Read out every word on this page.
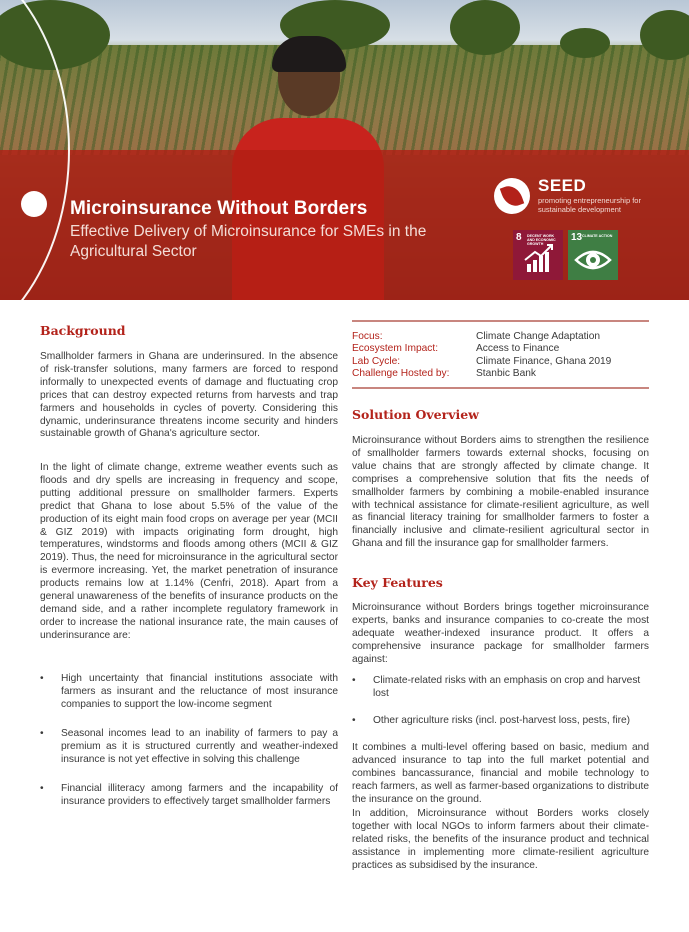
Microinsurance Without Borders
Effective Delivery of Microinsurance for SMEs in the Agricultural Sector
SEED
promoting entrepreneurship for sustainable development
8 DECENT WORK AND ECONOMIC GROWTH
13 CLIMATE ACTION
Background

Smallholder farmers in Ghana are underinsured. In the absence of risk-transfer solutions, many farmers are forced to respond informally to unexpected events of damage and fluctuating crop prices that can destroy expected returns from harvests and trap farmers and households in cycles of poverty. Considering this dynamic, underinsurance threatens income security and hinders sustainable growth of Ghana's agriculture sector.

In the light of climate change, extreme weather events such as floods and dry spells are increasing in frequency and scope, putting additional pressure on smallholder farmers. Experts predict that Ghana to lose about 5.5% of the value of the production of its eight main food crops on average per year (MCII & GIZ 2019) with impacts originating form drought, high temperatures, windstorms and floods among others (MCII & GIZ 2019). Thus, the need for microinsurance in the agricultural sector is evermore increasing. Yet, the market penetration of insurance products remains low at 1.14% (Cenfri, 2018). Apart from a general unawareness of the benefits of insurance products on the demand side, and a rather incomplete regulatory framework in order to increase the national insurance rate, the main causes of underinsurance are:

• High uncertainty that financial institutions associate with farmers as insurant and the reluctance of most insurance companies to support the low-income segment
• Seasonal incomes lead to an inability of farmers to pay a premium as it is structured currently and weather-indexed insurance is not yet effective in solving this challenge
• Financial illiteracy among farmers and the incapability of insurance providers to effectively target smallholder farmers
Focus:	Climate Change Adaptation
Ecosystem Impact:	Access to Finance
Lab Cycle:	Climate Finance, Ghana 2019
Challenge Hosted by:	Stanbic Bank
Solution Overview

Microinsurance without Borders aims to strengthen the resilience of smallholder farmers towards external shocks, focusing on value chains that are strongly affected by climate change. It comprises a comprehensive solution that fits the needs of smallholder farmers by combining a mobile-enabled insurance with technical assistance for climate-resilient agriculture, as well as financial literacy training for smallholder farmers to foster a financially inclusive and climate-resilient agricultural sector in Ghana and fill the insurance gap for smallholder farmers.

Key Features

Microinsurance without Borders brings together microinsurance experts, banks and insurance companies to co-create the most adequate weather-indexed insurance product. It offers a comprehensive insurance package for smallholder farmers against:

• Climate-related risks with an emphasis on crop and harvest lost
• Other agriculture risks (incl. post-harvest loss, pests, fire)

It combines a multi-level offering based on basic, medium and advanced insurance to tap into the full market potential and combines bancassurance, financial and mobile technology to reach farmers, as well as farmer-based organizations to distribute the insurance on the ground.

In addition, Microinsurance without Borders works closely together with local NGOs to inform farmers about their climate-related risks, the benefits of the insurance product and technical assistance in implementing more climate-resilient agriculture practices as subsidised by the insurance.
